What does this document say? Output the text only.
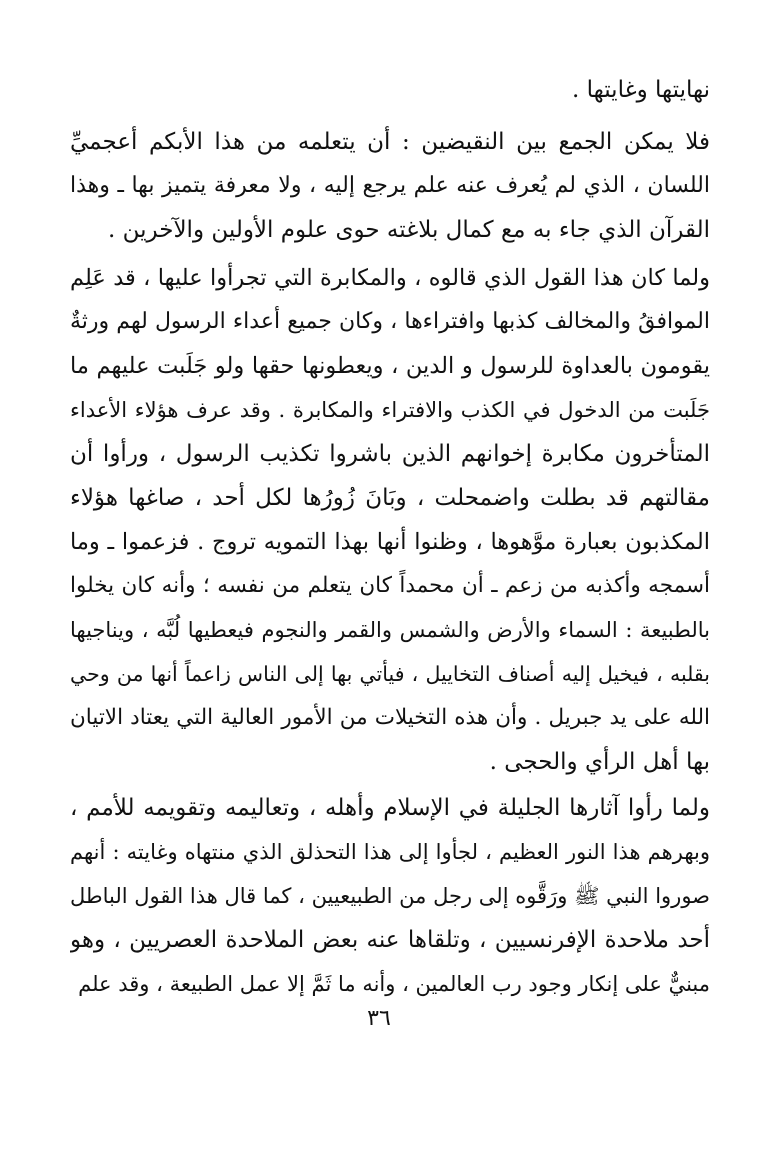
نهايتها وغايتها .
فلا يمكن الجمع بين النقيضين : أن يتعلمه من هذا الأبكم أعجميِّ
اللسان ، الذي لم يُعرف عنه علم يرجع إليه ، ولا معرفة يتميز بها ـ وهذا
القرآن الذي جاء به مع كمال بلاغته حوى علوم الأولين والآخرين .
ولما كان هذا القول الذي قالوه ، والمكابرة التي تجرأوا عليها ، قد عَلِم
الموافقُ والمخالف كذبها وافتراءها ، وكان جميع أعداء الرسول لهم ورثةٌ
يقومون بالعداوة للرسول و الدين ، ويعطونها حقها ولو جَلَبت عليهم ما
جَلَبت من الدخول في الكذب والافتراء والمكابرة . وقد عرف هؤلاء الأعداء
المتأخرون مكابرة إخوانهم الذين باشروا تكذيب الرسول ، ورأوا أن
مقالتهم قد بطلت واضمحلت ، وبَانَ زُورُها لكل أحد ، صاغها هؤلاء
المكذبون بعبارة موَّهوها ، وظنوا أنها بهذا التمويه تروج . فزعموا ـ وما
أسمجه وأكذبه من زعم ـ أن محمداً كان يتعلم من نفسه ؛ وأنه كان يخلوا
بالطبيعة : السماء والأرض والشمس والقمر والنجوم فيعطيها لُبَّه ، ويناجيها
بقلبه ، فيخيل إليه أصناف التخاييل ، فيأتي بها إلى الناس زاعماً أنها من وحي
الله على يد جبريل . وأن هذه التخيلات من الأمور العالية التي يعتاد الاتيان
بها أهل الرأي والحجى .
ولما رأوا آثارها الجليلة في الإسلام وأهله ، وتعاليمه وتقويمه للأمم ،
وبهرهم هذا النور العظيم ، لجأوا إلى هذا التحذلق الذي منتهاه وغايته : أنهم
صوروا النبي ﷺ ورَقَّوه إلى رجل من الطبيعيين ، كما قال هذا القول الباطل
أحد ملاحدة الإفرنسيين ، وتلقاها عنه بعض الملاحدة العصريين ، وهو
مبنيٌّ على إنكار وجود رب العالمين ، وأنه ما ثَمَّ إلا عمل الطبيعة ، وقد علم
٣٦
